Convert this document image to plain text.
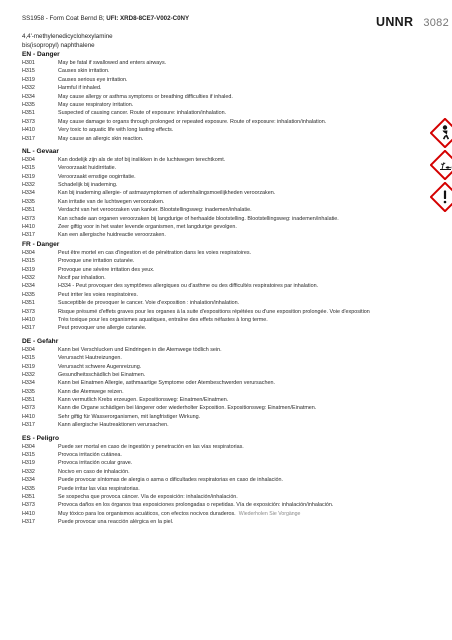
SS1958 - Form Coat Bernd B; UFI: XRD8-8CE7-V002-C0NY	UNNR 3082
4,4'-methylenedicyclohexylamine
bis(isopropyl) naphthalene
EN - Danger
H301	May be fatal if swallowed and enters airways.
H315	Causes skin irritation.
H319	Causes serious eye irritation.
H332	Harmful if inhaled.
H334	May cause allergy or asthma symptoms or breathing difficulties if inhaled.
H335	May cause respiratory irritation.
H351	Suspected of causing cancer. Route of exposure: inhalation/inhalation.
H373	May cause damage to organs through prolonged or repeated exposure. Route of exposure: inhalation/inhalation.
H410	Very toxic to aquatic life with long lasting effects.
H317	May cause an allergic skin reaction.
NL - Gevaar
H304	Kan dodelijk zijn als de stof bij inslikken in de luchtwegen terechtkomt.
H315	Veroorzaakt huidirritatie.
H319	Veroorzaakt ernstige oogirritatie.
H332	Schadelijk bij inademing.
H334	Kan bij inademing allergie- of astmasymptomen of ademhalingsmoeilijkheden veroorzaken.
H335	Kan irritatie van de luchtwegen veroorzaken.
H351	Verdacht van het veroorzaken van kanker. Blootstellingsweg: inademen/inhalatie.
H373	Kan schade aan organen veroorzaken bij langdurige of herhaalde blootstelling. Blootstellingsweg: inademen/inhalatie.
H410	Zeer giftig voor in het water levende organismen, met langdurige gevolgen.
H317	Kan een allergische huidreactie veroorzaken.
FR - Danger
H304	Peut être mortel en cas d'ingestion et de pénétration dans les voies respiratoires.
H315	Provoque une irritation cutanée.
H319	Provoque une sévère irritation des yeux.
H332	Nocif par inhalation.
H334	H334 - Peut provoquer des symptômes allergiques ou d'asthme ou des difficultés respiratoires par inhalation.
H335	Peut irriter les voies respiratoires.
H351	Susceptible de provoquer le cancer. Voie d'exposition : inhalation/inhalation.
H373	Risque présumé d'effets graves pour les organes à la suite d'expositions répétées ou d'une exposition prolongée. Voie d'exposition
H410	Très toxique pour les organismes aquatiques, entraîne des effets néfastes à long terme.
H317	Peut provoquer une allergie cutanée.
DE - Gefahr
H304	Kann bei Verschlucken und Eindringen in die Atemwege tödlich sein.
H315	Verursacht Hautreizungen.
H319	Verursacht schwere Augenreizung.
H332	Gesundheitsschädlich bei Einatmen.
H334	Kann bei Einatmen Allergie, asthmaartige Symptome oder Atembeschwerden verursachen.
H335	Kann die Atemwege reizen.
H351	Kann vermutlich Krebs erzeugen. Expositionsweg: Einatmen/Einatmen.
H373	Kann die Organe schädigen bei längerer oder wiederholter Exposition. Expositionsweg: Einatmen/Einatmen.
H410	Sehr giftig für Wasserorganismen, mit langfristiger Wirkung.
H317	Kann allergische Hautreaktionen verursachen.
ES - Peligro
H304	Puede ser mortal en caso de ingestión y penetración en las vías respiratorias.
H315	Provoca irritación cutánea.
H319	Provoca irritación ocular grave.
H332	Nocivo en caso de inhalación.
H334	Puede provocar síntomas de alergia o asma o dificultades respiratorias en caso de inhalación.
H335	Puede irritar las vías respiratorias.
H351	Se sospecha que provoca cáncer. Vía de exposición: inhalación/inhalación.
H373	Provoca daños en los órganos tras exposiciones prolongadas o repetidas. Vía de exposición: inhalación/inhalación.
H410	Muy tóxico para los organismos acuáticos, con efectos nocivos duraderos. Wiederholen Sie Vorgänge
H317	Puede provocar una reacción alérgica en la piel.
